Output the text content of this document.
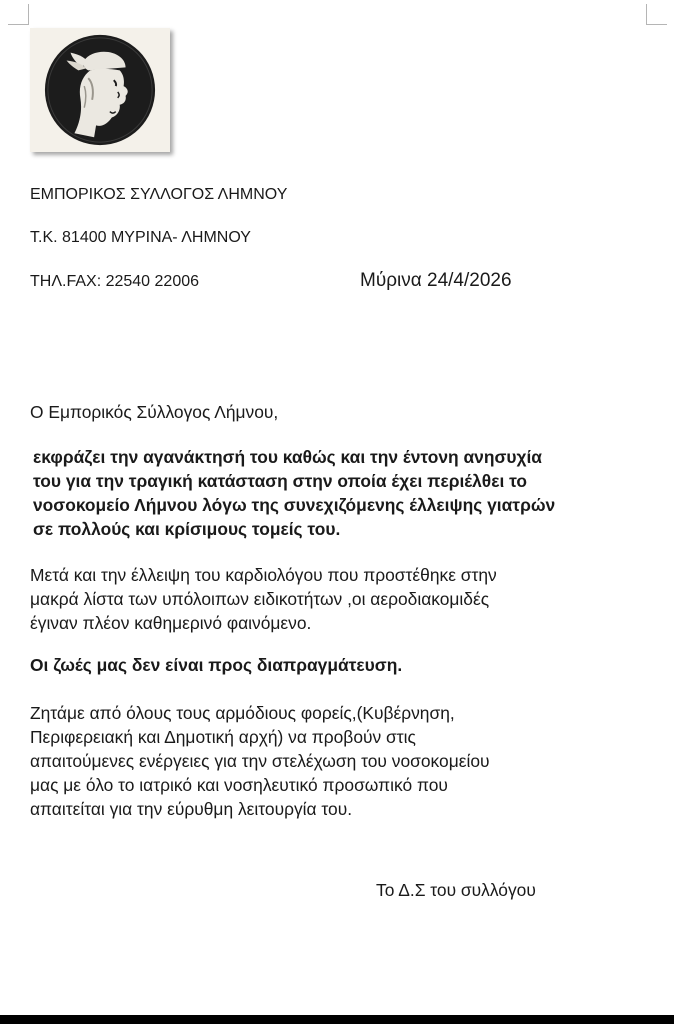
ΕΜΠΟΡΙΚΟΣ ΣΥΛΛΟΓΟΣ ΛΗΜΝΟΥ
Τ.Κ. 81400 ΜΥΡΙΝΑ- ΛΗΜΝΟΥ
ΤΗΛ.FAX: 22540 22006	Μύρινα 24/4/2026
Ο Εμπορικός Σύλλογος Λήμνου,
εκφράζει την αγανάκτησή του καθώς και την έντονη ανησυχία
του για την τραγική κατάσταση στην οποία έχει περιέλθει το
νοσοκομείο Λήμνου λόγω της συνεχιζόμενης έλλειψης γιατρών
σε πολλούς και κρίσιμους τομείς του.
Μετά και την έλλειψη του καρδιολόγου που προστέθηκε στην
μακρά λίστα των υπόλοιπων ειδικοτήτων ,οι αεροδιακομιδές
έγιναν πλέον καθημερινό φαινόμενο.
Οι ζωές μας δεν είναι προς διαπραγμάτευση.
Ζητάμε από όλους τους αρμόδιους φορείς,(Κυβέρνηση,
Περιφερειακή και Δημοτική αρχή) να προβούν στις
απαιτούμενες ενέργειες για την στελέχωση του νοσοκομείου
μας με όλο το ιατρικό και νοσηλευτικό προσωπικό που
απαιτείται για την εύρυθμη λειτουργία του.
Το Δ.Σ του συλλόγου
